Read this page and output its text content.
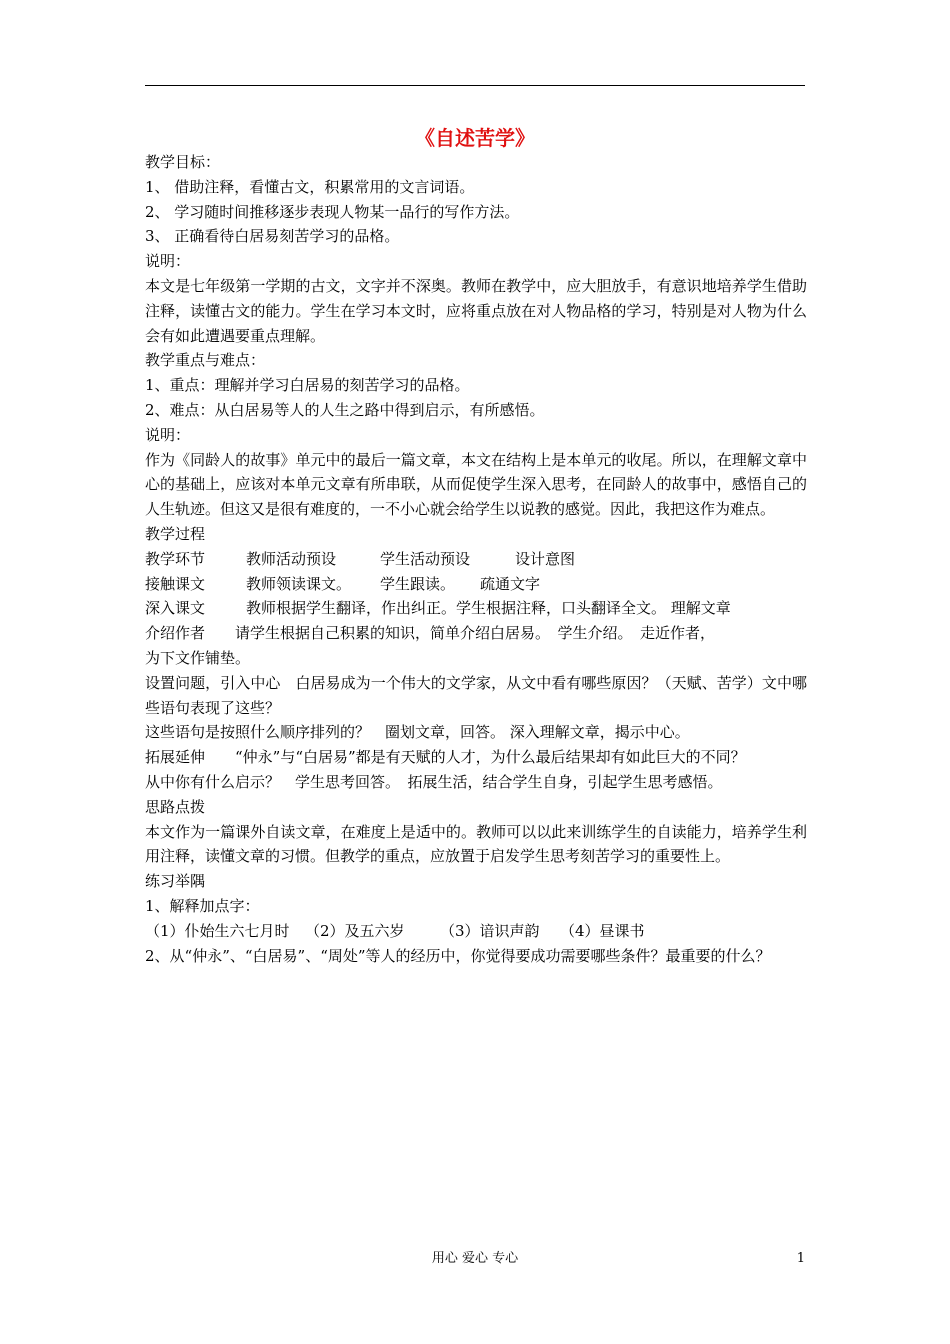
《自述苦学》

教学目标：

1、 借助注释，看懂古文，积累常用的文言词语。

2、 学习随时间推移逐步表现人物某一品行的写作方法。

3、 正确看待白居易刻苦学习的品格。

说明：

本文是七年级第一学期的古文，文字并不深奥。教师在教学中，应大胆放手，有意识地培养学生借助注释，读懂古文的能力。学生在学习本文时，应将重点放在对人物品格的学习，特别是对人物为什么会有如此遭遇要重点理解。

教学重点与难点：

1、重点：理解并学习白居易的刻苦学习的品格。

2、难点：从白居易等人的人生之路中得到启示，有所感悟。

说明：

作为《同龄人的故事》单元中的最后一篇文章，本文在结构上是本单元的收尾。所以，在理解文章中心的基础上，应该对本单元文章有所串联，从而促使学生深入思考，在同龄人的故事中，感悟自己的人生轨迹。但这又是很有难度的，一不小心就会给学生以说教的感觉。因此，我把这作为难点。

教学过程

教学环节	教师活动预设	学生活动预设	设计意图
接触课文	教师领读课文。	学生跟读。	疏通文字
深入课文	教师根据学生翻译，作出纠正。学生根据注释，口头翻译全文。 理解文章

介绍作者　　请学生根据自己积累的知识，简单介绍白居易。　学生介绍。　走近作者，

为下文作铺垫。

设置问题，引入中心　白居易成为一个伟大的文学家，从文中看有哪些原因？（天赋、苦学）文中哪些语句表现了这些？

这些语句是按照什么顺序排列的？　圈划文章，回答。 深入理解文章，揭示中心。

拓展延伸　　“仲永”与“白居易”都是有天赋的人才，为什么最后结果却有如此巨大的不同？

从中你有什么启示？　学生思考回答。　拓展生活，结合学生自身，引起学生思考感悟。

思路点拨

本文作为一篇课外自读文章，在难度上是适中的。教师可以以此来训练学生的自读能力，培养学生利用注释，读懂文章的习惯。但教学的重点，应放置于启发学生思考刻苦学习的重要性上。

练习举隅

1、解释加点字：

（1）仆始生六七月时	（2）及五六岁	（3）谙识声韵	（4）昼课书

2、从“仲永”、“白居易”、“周处”等人的经历中，你觉得要成功需要哪些条件？最重要的什么？

用心 爱心 专心	1
